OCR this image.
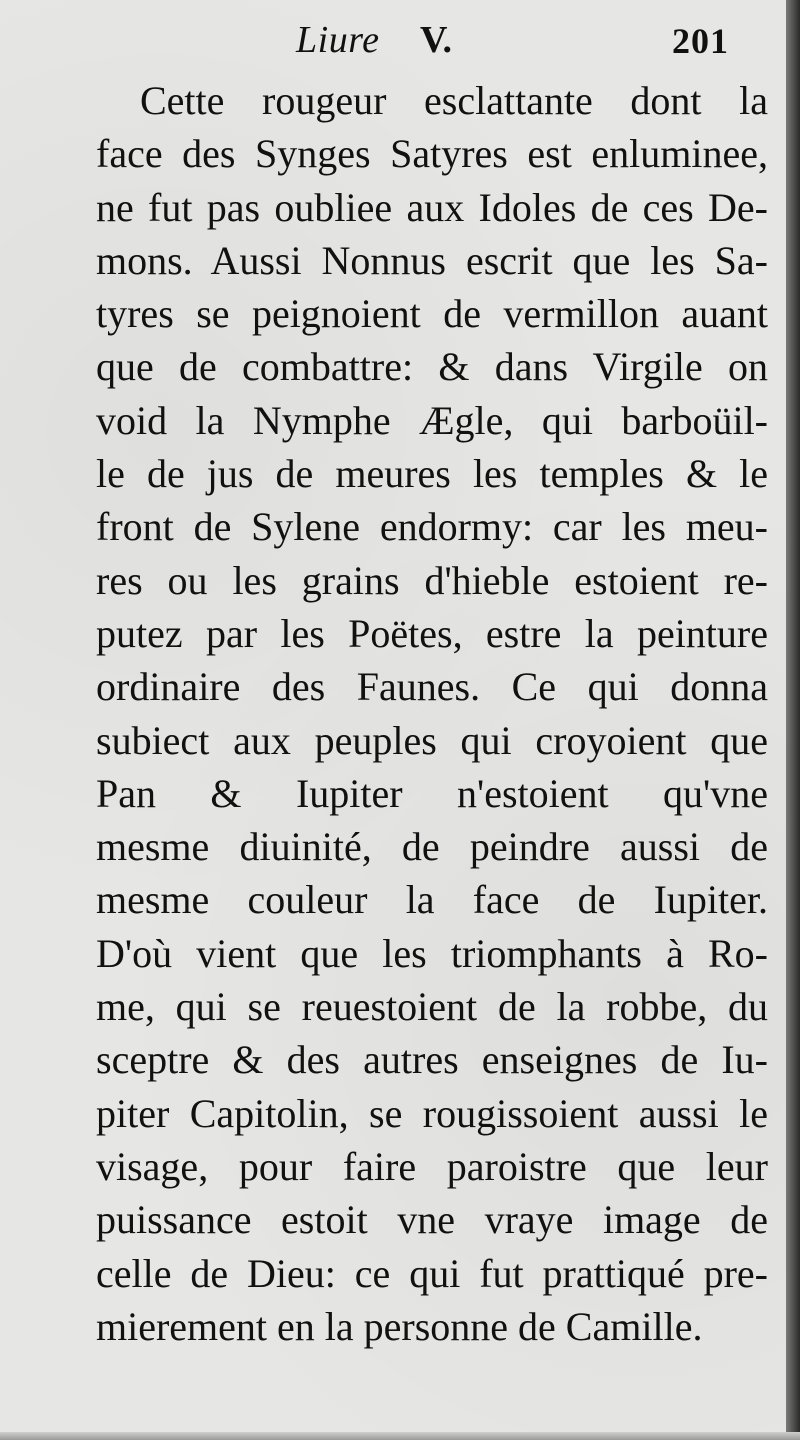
Liure V.	201
Cette rougeur esclattante dont la
face des Synges Satyres est enluminee,
ne fut pas oubliee aux Idoles de ces De-
mons. Aussi Nonnus escrit que les Sa-
tyres se peignoient de vermillon auant
que de combattre: & dans Virgile on
void la Nymphe Ægle, qui barboüil-
le de jus de meures les temples & le
front de Sylene endormy: car les meu-
res ou les grains d'hieble estoient re-
putez par les Poëtes, estre la peinture
ordinaire des Faunes. Ce qui donna
subiect aux peuples qui croyoient que
Pan & Iupiter n'estoient qu'vne
mesme diuinité, de peindre aussi de
mesme couleur la face de Iupiter.
D'où vient que les triomphants à Ro-
me, qui se reuestoient de la robbe, du
sceptre & des autres enseignes de Iu-
piter Capitolin, se rougissoient aussi le
visage, pour faire paroistre que leur
puissance estoit vne vraye image de
celle de Dieu: ce qui fut prattiqué pre-
mierement en la personne de Camille.
